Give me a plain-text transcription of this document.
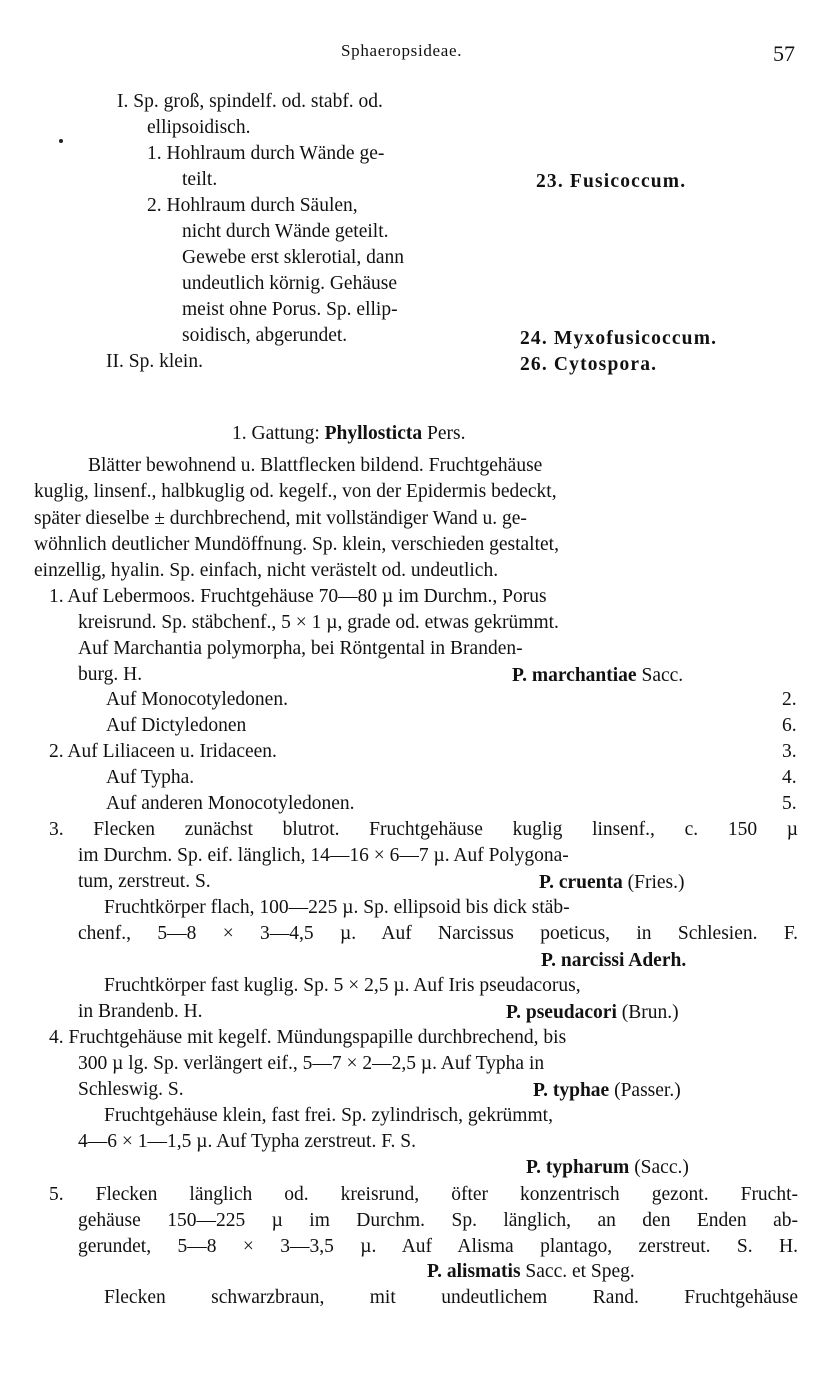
Sphaeropsideae.	57
I. Sp. groß, spindelf. od. stabf. od.
ellipsoidisch.
1. Hohlraum durch Wände ge-
teilt.	23. Fusicoccum.
2. Hohlraum durch Säulen,
nicht durch Wände geteilt.
Gewebe erst sklerotial, dann
undeutlich körnig. Gehäuse
meist ohne Porus. Sp. ellip-
soidisch, abgerundet.	24. Myxofusicoccum.
II. Sp. klein.	26. Cytospora.
1. Gattung: Phyllosticta Pers.
Blätter bewohnend u. Blattflecken bildend. Fruchtgehäuse
kuglig, linsenf., halbkuglig od. kegelf., von der Epidermis bedeckt,
später dieselbe ± durchbrechend, mit vollständiger Wand u. ge-
wöhnlich deutlicher Mundöffnung. Sp. klein, verschieden gestaltet,
einzellig, hyalin. Sp. einfach, nicht verästelt od. undeutlich.
1. Auf Lebermoos. Fruchtgehäuse 70—80 µ im Durchm., Porus
kreisrund. Sp. stäbchenf., 5 × 1 µ, grade od. etwas gekrümmt.
Auf Marchantia polymorpha, bei Röntgental in Branden-
burg. H.	P. marchantiae Sacc.
Auf Monocotyledonen.	2.
Auf Dictyledonen	6.
2. Auf Liliaceen u. Iridaceen.	3.
Auf Typha.	4.
Auf anderen Monocotyledonen.	5.
3. Flecken zunächst blutrot. Fruchtgehäuse kuglig linsenf., c. 150 µ
im Durchm. Sp. eif. länglich, 14—16 × 6—7 µ. Auf Polygona-
tum, zerstreut. S.	P. cruenta (Fries.)
Fruchtkörper flach, 100—225 µ. Sp. ellipsoid bis dick stäb-
chenf., 5—8 × 3—4,5 µ. Auf Narcissus poeticus, in Schlesien. F.
P. narcissi Aderh.
Fruchtkörper fast kuglig. Sp. 5 × 2,5 µ. Auf Iris pseudacorus,
in Brandenb. H.	P. pseudacori (Brun.)
4. Fruchtgehäuse mit kegelf. Mündungspapille durchbrechend, bis
300 µ lg. Sp. verlängert eif., 5—7 × 2—2,5 µ. Auf Typha in
Schleswig. S.	P. typhae (Passer.)
Fruchtgehäuse klein, fast frei. Sp. zylindrisch, gekrümmt,
4—6 × 1—1,5 µ. Auf Typha zerstreut. F. S.
P. typharum (Sacc.)
5. Flecken länglich od. kreisrund, öfter konzentrisch gezont. Frucht-
gehäuse 150—225 µ im Durchm. Sp. länglich, an den Enden ab-
gerundet, 5—8 × 3—3,5 µ. Auf Alisma plantago, zerstreut. S. H.
P. alismatis Sacc. et Speg.
Flecken schwarzbraun, mit undeutlichem Rand. Fruchtgehäuse
